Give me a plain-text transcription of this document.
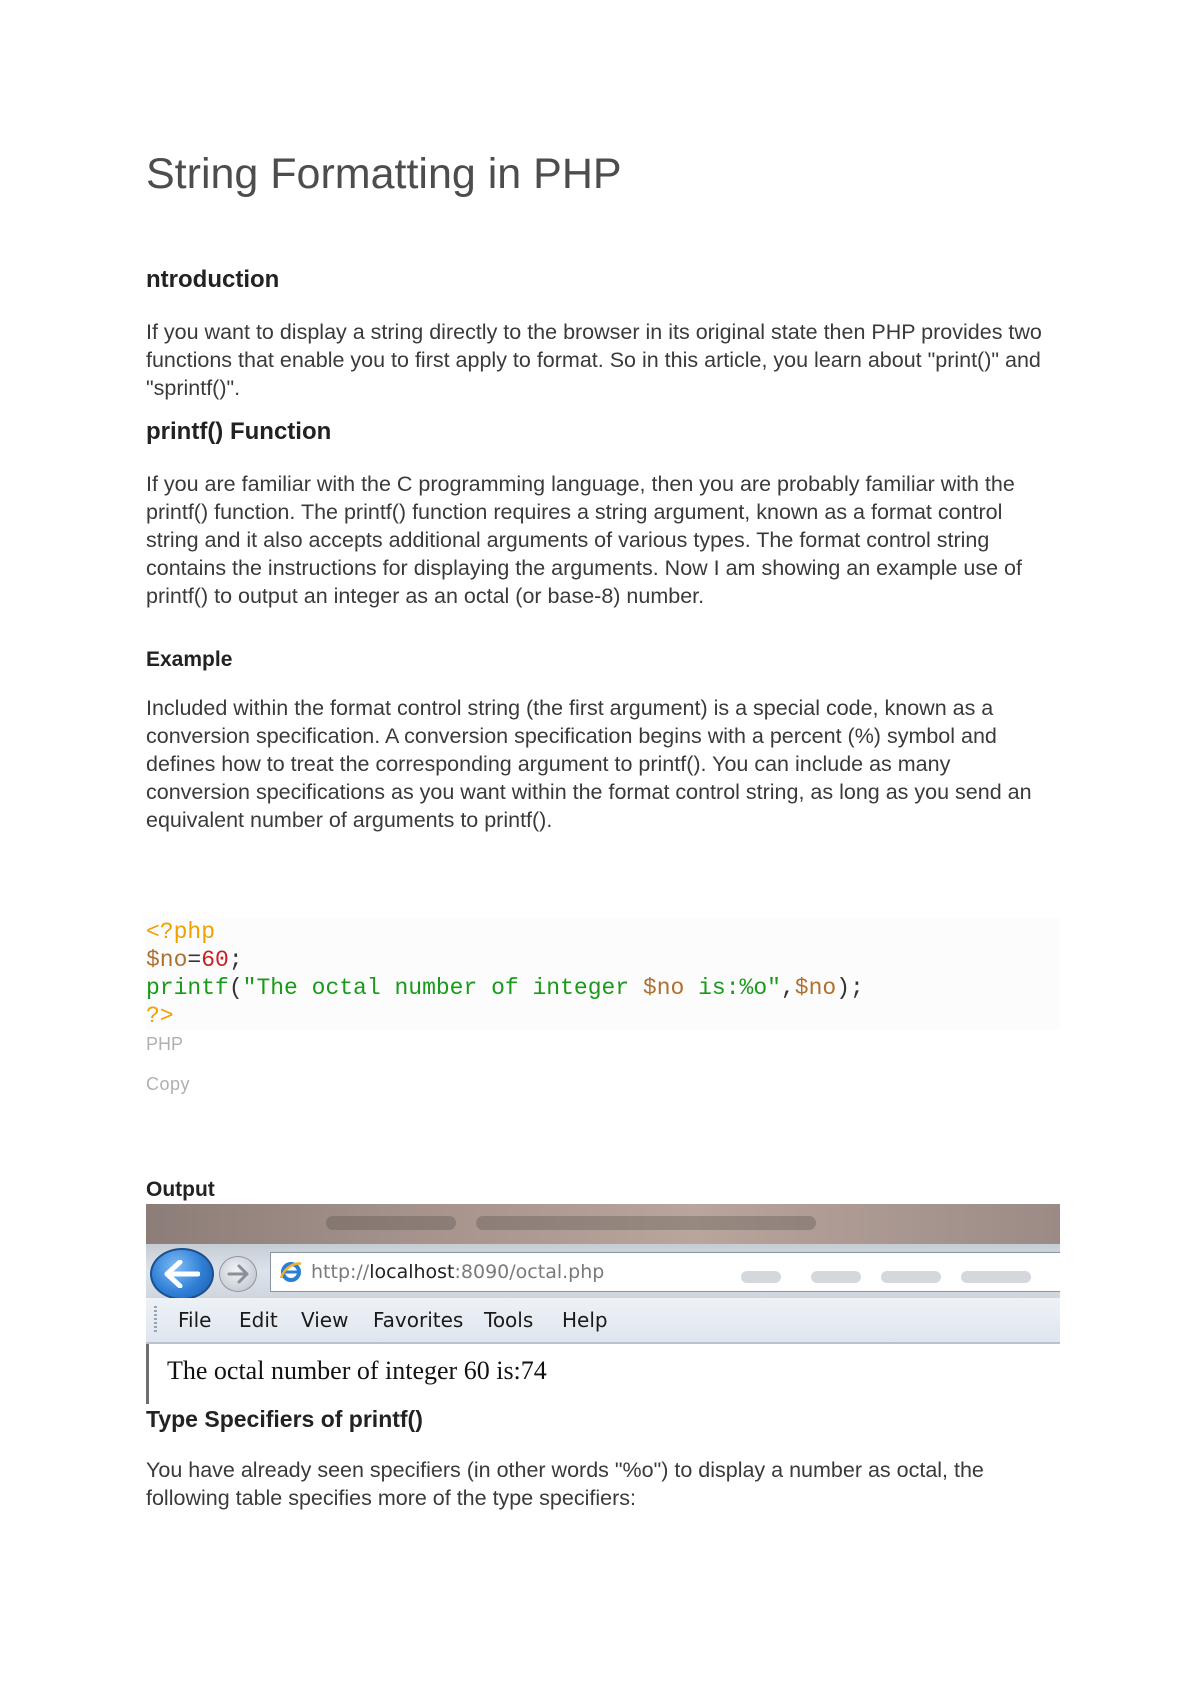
String Formatting in PHP
ntroduction

If you want to display a string directly to the browser in its original state then PHP provides two functions that enable you to first apply to format. So in this article, you learn about "print()" and "sprintf()".

printf() Function

If you are familiar with the C programming language, then you are probably familiar with the printf() function. The printf() function requires a string argument, known as a format control string and it also accepts additional arguments of various types. The format control string contains the instructions for displaying the arguments. Now I am showing an example use of printf() to output an integer as an octal (or base-8) number.

Example

Included within the format control string (the first argument) is a special code, known as a conversion specification. A conversion specification begins with a percent (%) symbol and defines how to treat the corresponding argument to printf(). You can include as many conversion specifications as you want within the format control string, as long as you send an equivalent number of arguments to printf().

<?php
$no=60;
printf("The octal number of integer $no is:%o",$no);
?>
PHP
Copy
Output
http://localhost:8090/octal.php
File Edit View Favorites Tools Help
The octal number of integer 60 is:74
Type Specifiers of printf()

You have already seen specifiers (in other words "%o") to display a number as octal, the following table specifies more of the type specifiers:
